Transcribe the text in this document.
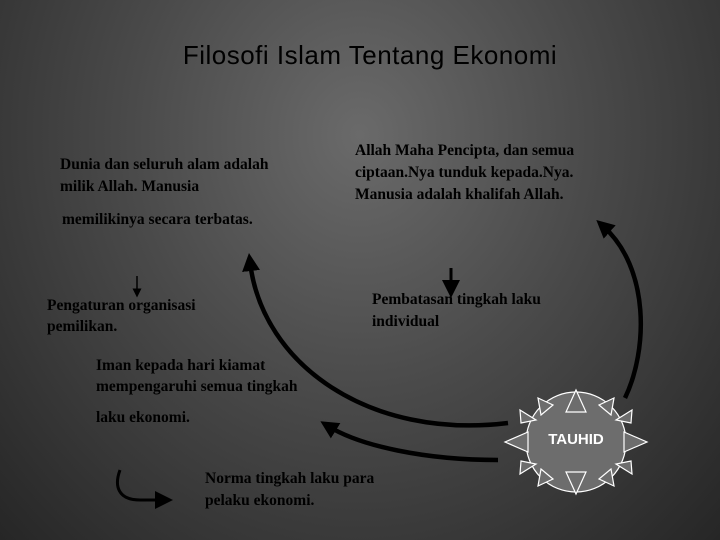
Filosofi Islam Tentang Ekonomi
Dunia dan seluruh alam adalah
milik Allah. Manusia
memilikinya secara terbatas.
Allah Maha Pencipta, dan semua
ciptaan.Nya tunduk kepada.Nya.
Manusia adalah khalifah Allah.
Pengaturan organisasi
pemilikan.
Pembatasan tingkah laku
individual
Iman kepada hari kiamat
mempengaruhi semua tingkah
laku ekonomi.
Norma tingkah laku para
pelaku ekonomi.
TAUHID
